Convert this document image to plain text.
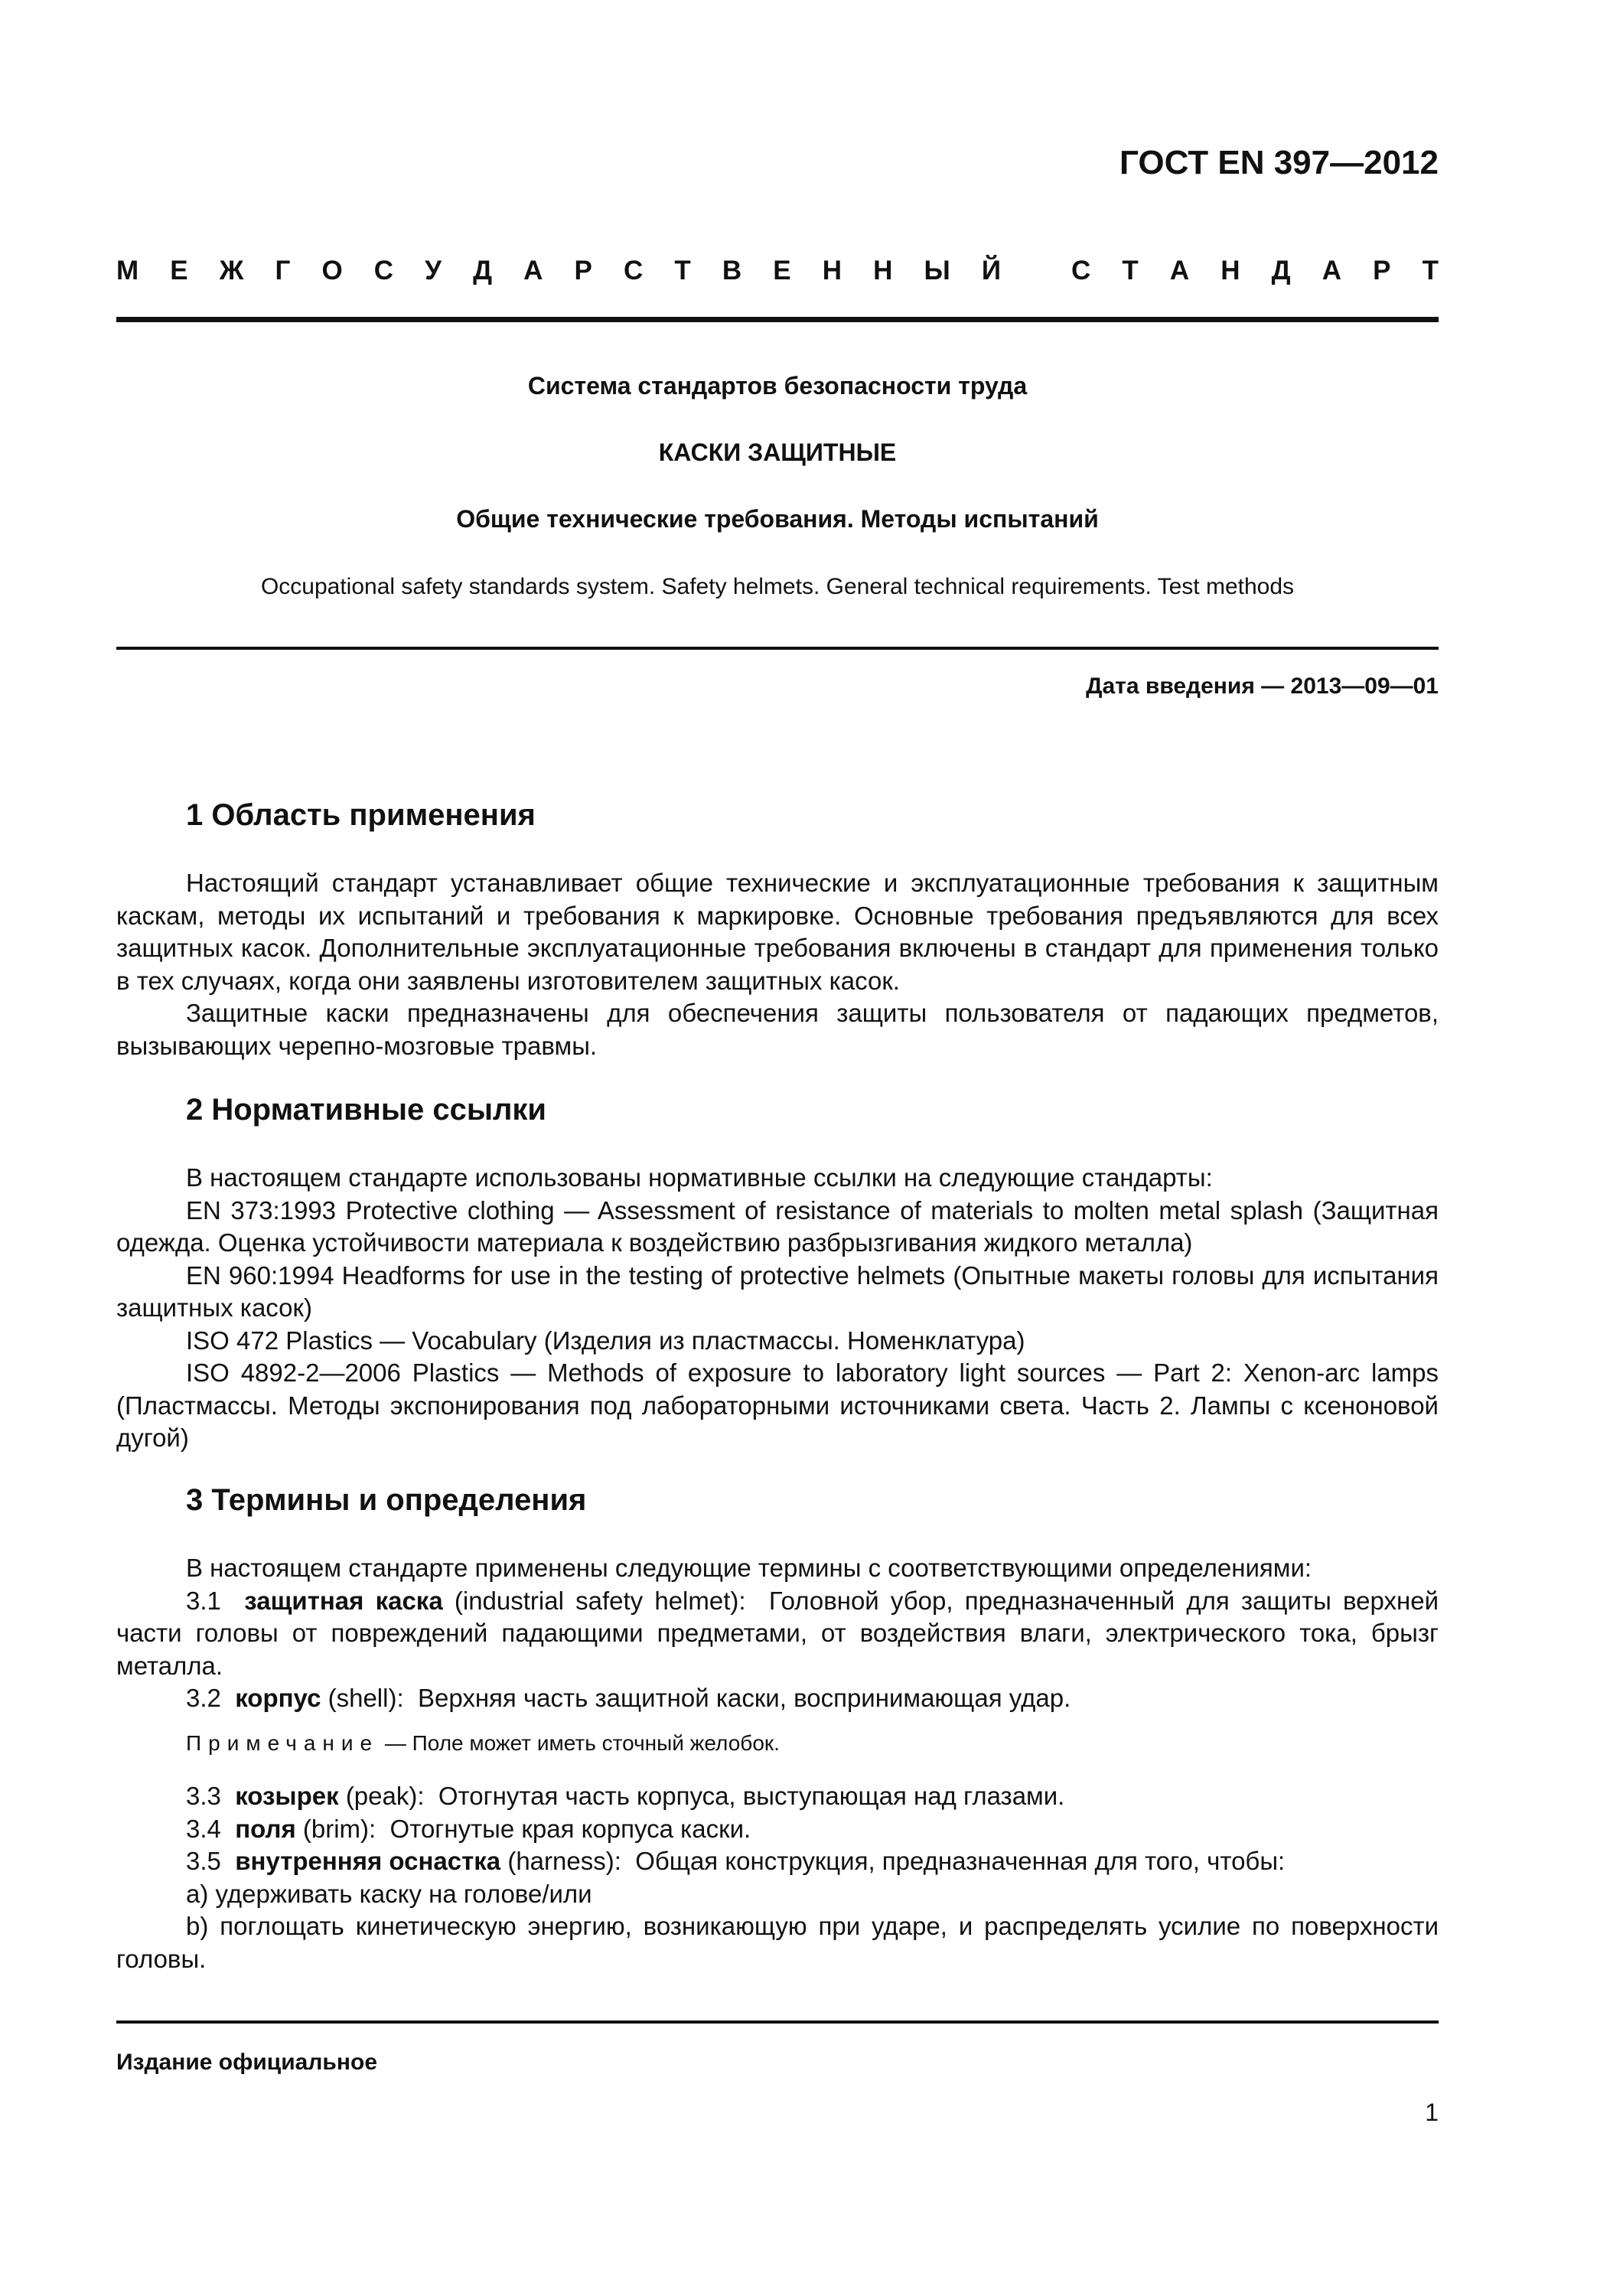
ГОСТ EN 397—2012
М Е Ж Г О С У Д А Р С Т В Е Н Н Ы Й
	С Т А Н Д А Р Т
Система стандартов безопасности труда
КАСКИ ЗАЩИТНЫЕ
Общие технические требования. Методы испытаний
Occupational safety standards system. Safety helmets. General technical requirements. Test methods
Дата введения — 2013—09—01
1 Область применения

Настоящий стандарт устанавливает общие технические и эксплуатационные требования к защитным каскам, методы их испытаний и требования к маркировке. Основные требования предъявляются для всех защитных касок. Дополнительные эксплуатационные требования включены в стандарт для применения только в тех случаях, когда они заявлены изготовителем защитных касок.

Защитные каски предназначены для обеспечения защиты пользователя от падающих предметов, вызывающих черепно-мозговые травмы.

2 Нормативные ссылки

В настоящем стандарте использованы нормативные ссылки на следующие стандарты:

EN 373:1993 Protective clothing — Assessment of resistance of materials to molten metal splash (Защитная одежда. Оценка устойчивости материала к воздействию разбрызгивания жидкого металла)

EN 960:1994 Headforms for use in the testing of protective helmets (Опытные макеты головы для испытания защитных касок)

ISO 472 Plastics — Vocabulary (Изделия из пластмассы. Номенклатура)

ISO 4892-2—2006 Plastics — Methods of exposure to laboratory light sources — Part 2: Xenon-arc lamps (Пластмассы. Методы экспонирования под лабораторными источниками света. Часть 2. Лампы с ксеноновой дугой)

3 Термины и определения

В настоящем стандарте применены следующие термины с соответствующими определениями:

3.1 защитная каска (industrial safety helmet): Головной убор, предназначенный для защиты верхней части головы от повреждений падающими предметами, от воздействия влаги, электрического тока, брызг металла.

3.2 корпус (shell): Верхняя часть защитной каски, воспринимающая удар.

Примечание — Поле может иметь сточный желобок.

3.3 козырек (peak): Отогнутая часть корпуса, выступающая над глазами.

3.4 поля (brim): Отогнутые края корпуса каски.

3.5 внутренняя оснастка (harness): Общая конструкция, предназначенная для того, чтобы:

a) удерживать каску на голове/или

b) поглощать кинетическую энергию, возникающую при ударе, и распределять усилие по поверхности головы.

Издание официальное
1
